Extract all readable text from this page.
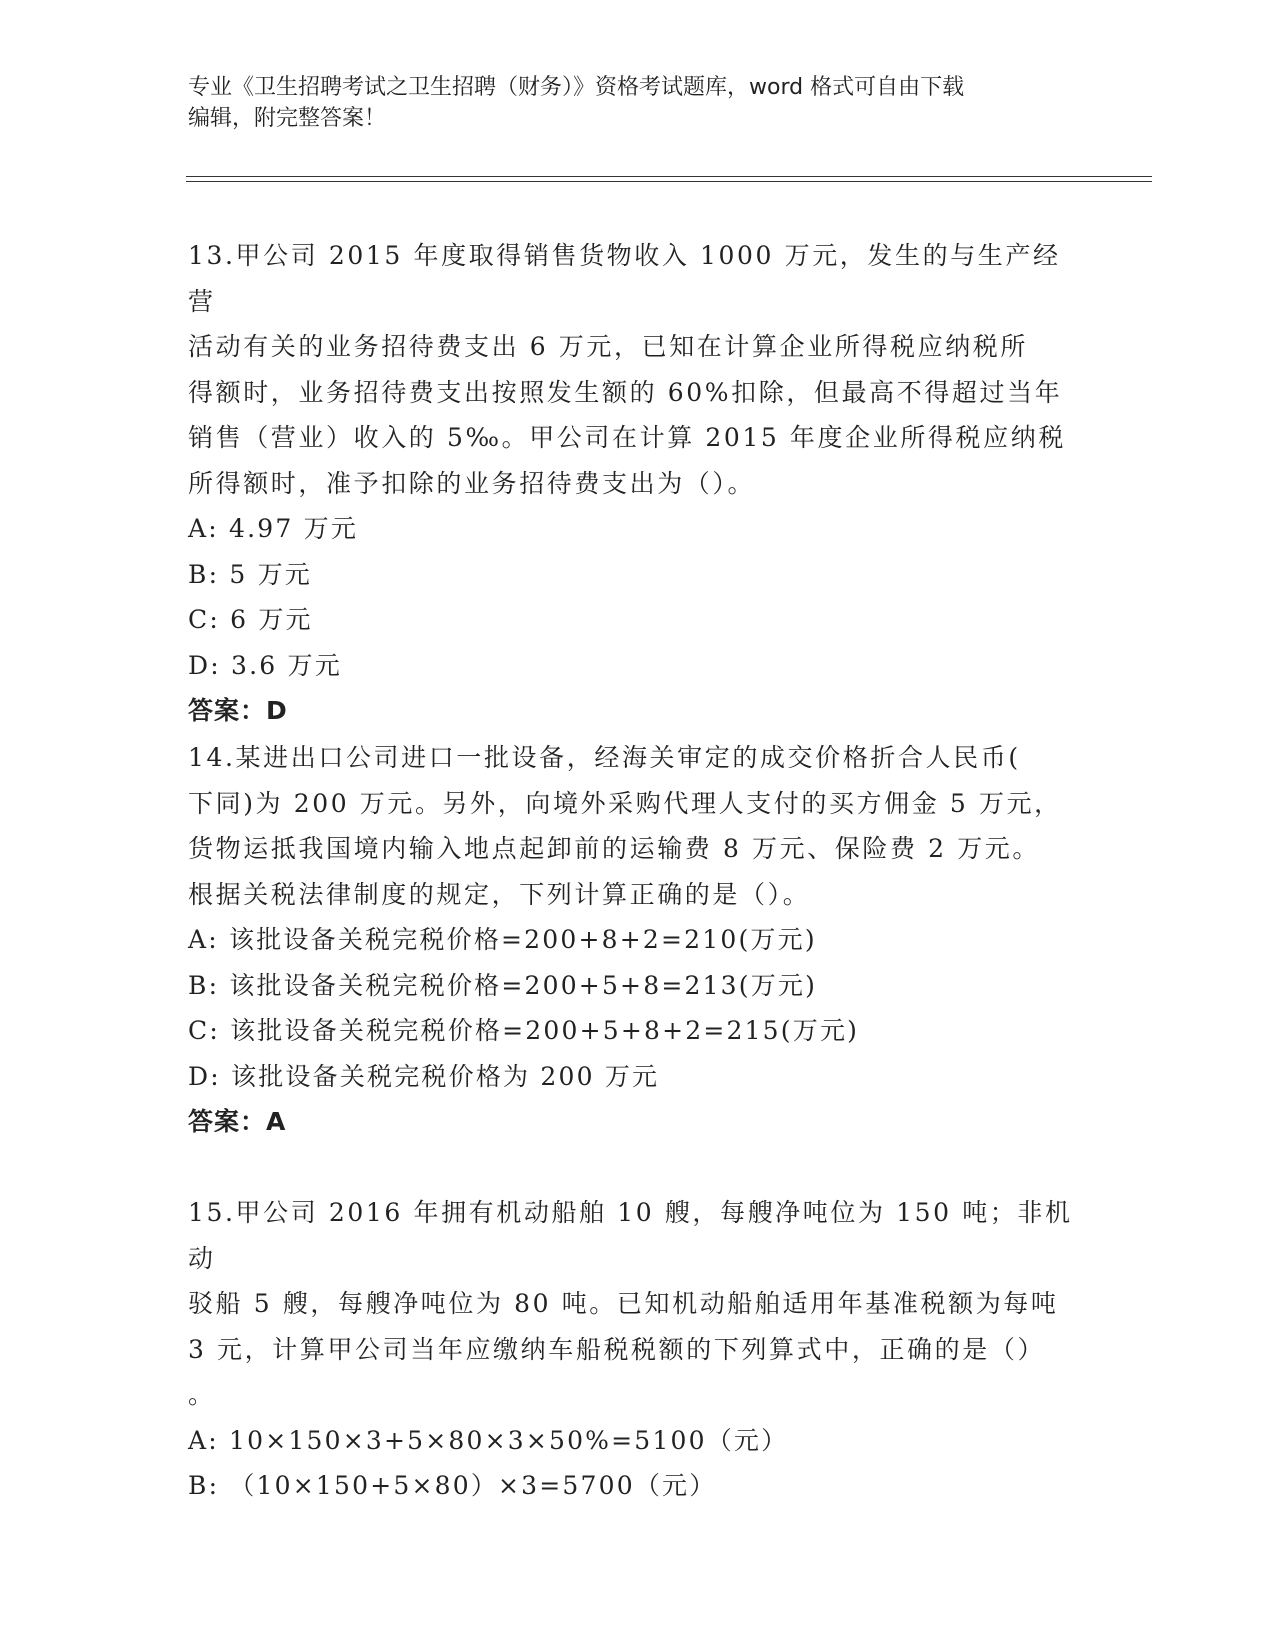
专业《卫生招聘考试之卫生招聘（财务）》资格考试题库，word 格式可自由下载
编辑，附完整答案！
13.甲公司 2015 年度取得销售货物收入 1000 万元，发生的与生产经营
活动有关的业务招待费支出 6 万元，已知在计算企业所得税应纳税所
得额时，业务招待费支出按照发生额的 60%扣除，但最高不得超过当年
销售（营业）收入的 5‰。甲公司在计算 2015 年度企业所得税应纳税
所得额时，准予扣除的业务招待费支出为（）。
A: 4.97 万元
B: 5 万元
C: 6 万元
D: 3.6 万元
答案：D
14.某进出口公司进口一批设备，经海关审定的成交价格折合人民币(
下同)为 200 万元。另外，向境外采购代理人支付的买方佣金 5 万元，
货物运抵我国境内输入地点起卸前的运输费 8 万元、保险费 2 万元。
根据关税法律制度的规定，下列计算正确的是（）。
A: 该批设备关税完税价格=200+8+2=210(万元)
B: 该批设备关税完税价格=200+5+8=213(万元)
C: 该批设备关税完税价格=200+5+8+2=215(万元)
D: 该批设备关税完税价格为 200 万元
答案：A
15.甲公司 2016 年拥有机动船舶 10 艘，每艘净吨位为 150 吨；非机动
驳船 5 艘，每艘净吨位为 80 吨。已知机动船舶适用年基准税额为每吨
3 元，计算甲公司当年应缴纳车船税税额的下列算式中，正确的是（）
。
A: 10×150×3+5×80×3×50%=5100（元）
B: （10×150+5×80）×3=5700（元）
